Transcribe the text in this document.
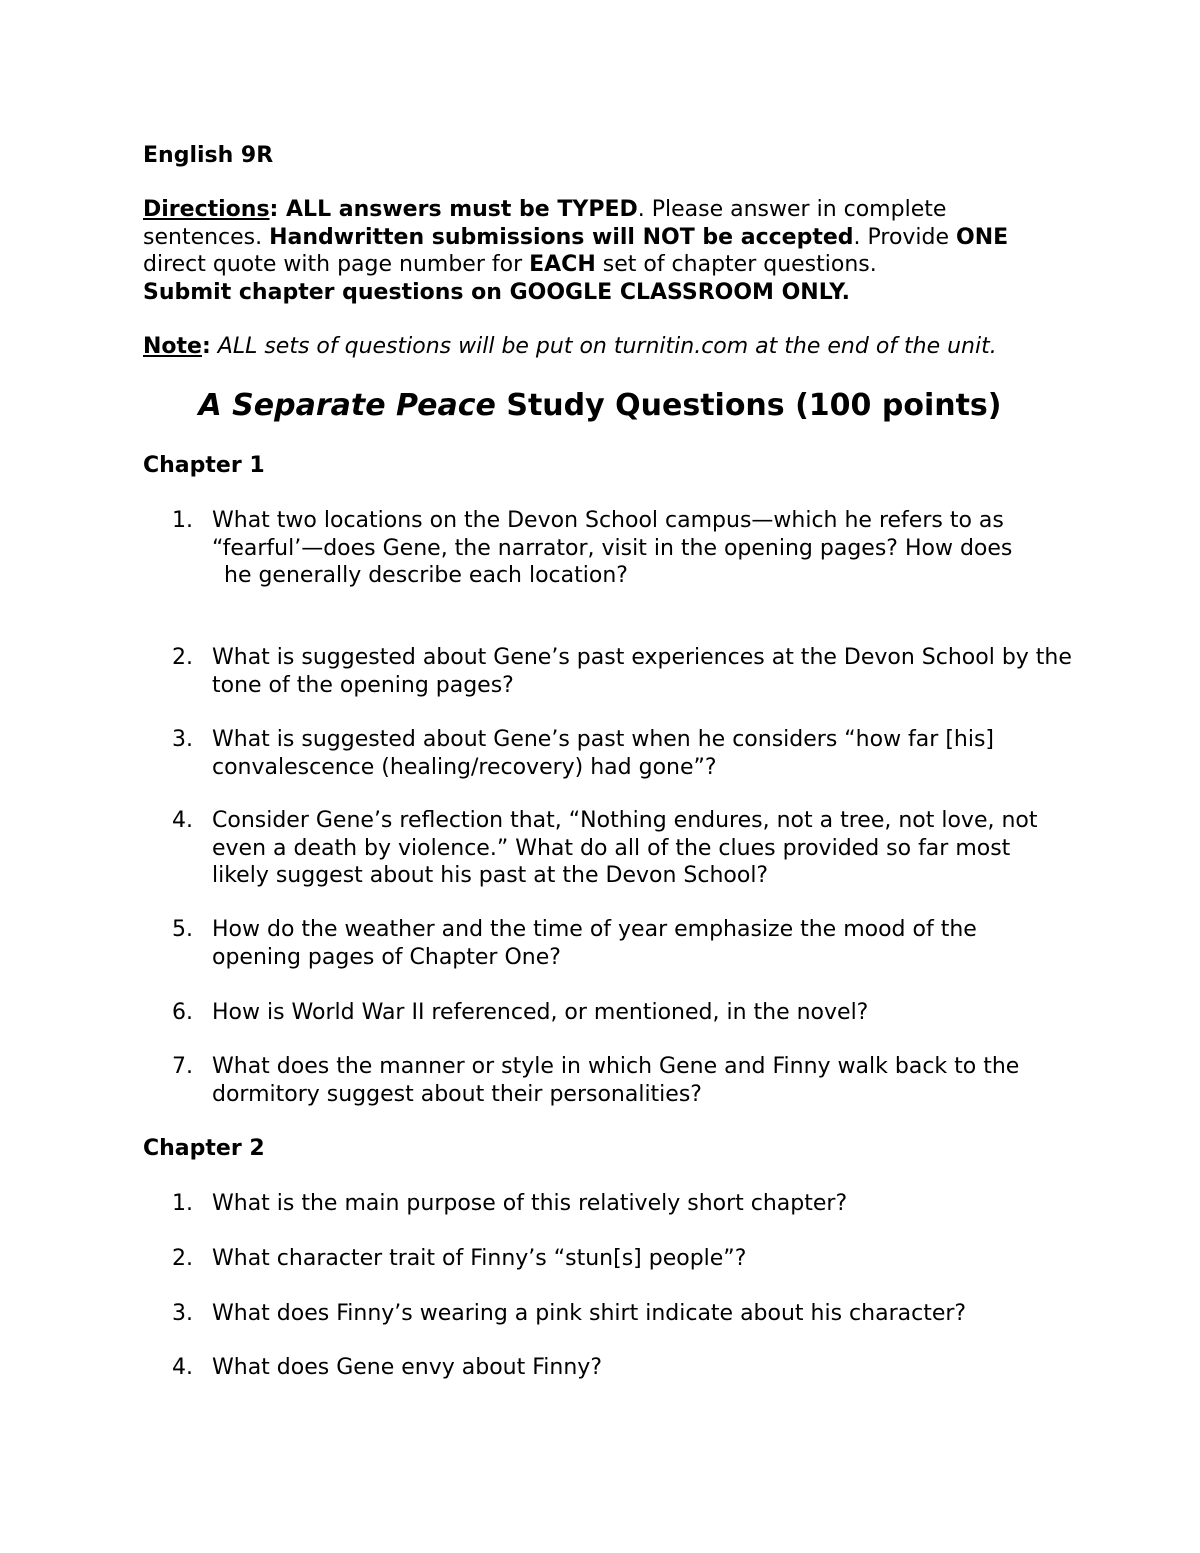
English 9R
Directions: ALL answers must be TYPED. Please answer in complete sentences. Handwritten submissions will NOT be accepted. Provide ONE direct quote with page number for EACH set of chapter questions.
Submit chapter questions on GOOGLE CLASSROOM ONLY.
Note: ALL sets of questions will be put on turnitin.com at the end of the unit.
A Separate Peace Study Questions (100 points)
Chapter 1
1. What two locations on the Devon School campus—which he refers to as “fearful’—does Gene, the narrator, visit in the opening pages? How does
he generally describe each location?
2. What is suggested about Gene’s past experiences at the Devon School by the tone of the opening pages?
3. What is suggested about Gene’s past when he considers “how far [his] convalescence (healing/recovery) had gone”?
4. Consider Gene’s reflection that, “Nothing endures, not a tree, not love, not even a death by violence.” What do all of the clues provided so far most likely suggest about his past at the Devon School?
5. How do the weather and the time of year emphasize the mood of the opening pages of Chapter One?
6. How is World War II referenced, or mentioned, in the novel?
7. What does the manner or style in which Gene and Finny walk back to the dormitory suggest about their personalities?
Chapter 2
1. What is the main purpose of this relatively short chapter?
2. What character trait of Finny’s “stun[s] people”?
3. What does Finny’s wearing a pink shirt indicate about his character?
4. What does Gene envy about Finny?
